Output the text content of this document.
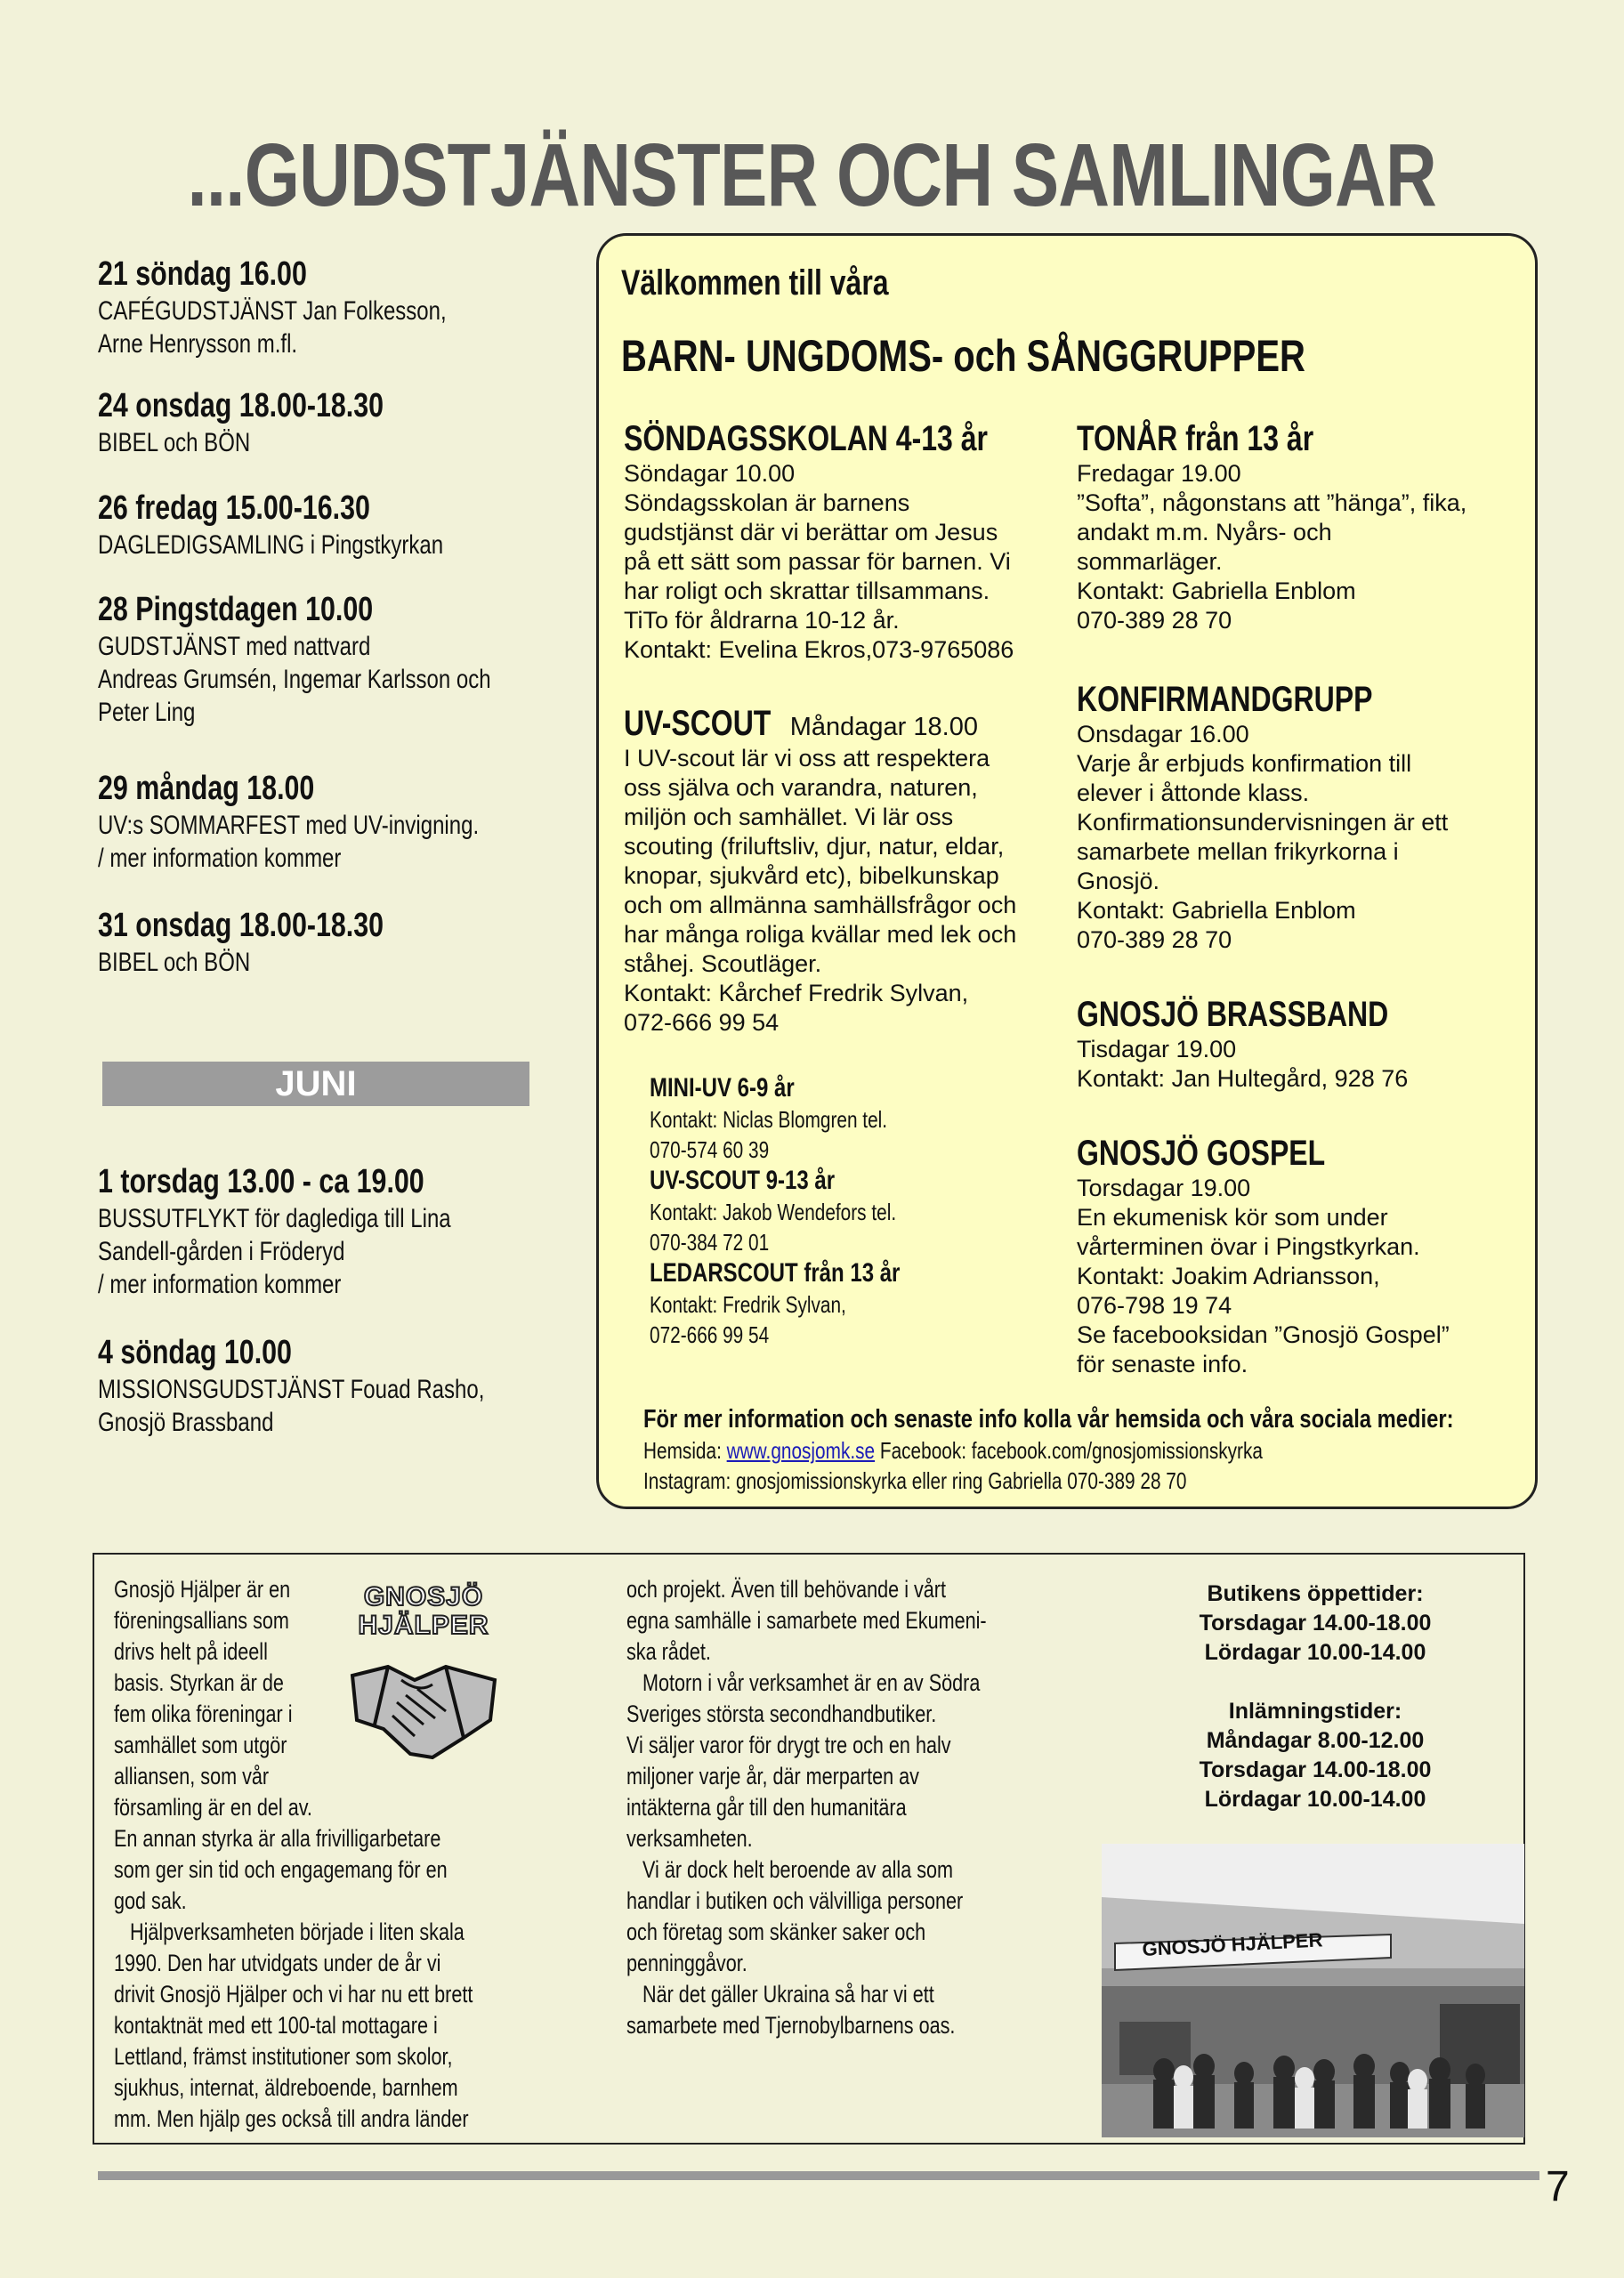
...GUDSTJÄNSTER OCH SAMLINGAR
21 söndag 16.00
CAFÉGUDSTJÄNST Jan Folkesson,
Arne Henrysson m.fl.
24 onsdag 18.00-18.30
BIBEL och BÖN
26 fredag 15.00-16.30
DAGLEDIGSAMLING i Pingstkyrkan
28 Pingstdagen 10.00
GUDSTJÄNST med nattvard
Andreas Grumsén, Ingemar Karlsson och
Peter Ling
29 måndag 18.00
UV:s SOMMARFEST med UV-invigning.
/ mer information kommer
31 onsdag 18.00-18.30
BIBEL och BÖN
1 torsdag 13.00 - ca 19.00
BUSSUTFLYKT för dagledigа till Lina
Sandell-gården i Fröderyd
/ mer information kommer
4 söndag 10.00
MISSIONSGUDSTJÄNST Fouad Rasho,
Gnosjö Brassband
JUNI
Välkommen till våra
BARN- UNGDOMS- och SÅNGGRUPPER
SÖNDAGSSKOLAN 4-13 år
Söndagar 10.00
Söndagsskolan är barnens
gudstjänst där vi berättar om Jesus
på ett sätt som passar för barnen. Vi
har roligt och skrattar tillsammans.
TiTo för åldrarna 10-12 år.
Kontakt: Evelina Ekros,073-9765086
UV-SCOUT Måndagar 18.00
I UV-scout lär vi oss att respektera
oss själva och varandra, naturen,
miljön och samhället. Vi lär oss
scouting (friluftsliv, djur, natur, eldar,
knopar, sjukvård etc), bibelkunskap
och om allmänna samhällsfrågor och
har många roliga kvällar med lek och
ståhej. Scoutläger.
Kontakt: Kårchef Fredrik Sylvan,
072-666 99 54
MINI-UV 6-9 år
Kontakt: Niclas Blomgren tel.
070-574 60 39
UV-SCOUT 9-13 år
Kontakt: Jakob Wendefors tel.
070-384 72 01
LEDARSCOUT från 13 år
Kontakt: Fredrik Sylvan,
072-666 99 54
TONÅR från 13 år
Fredagar 19.00
”Softa”, någonstans att ”hänga”, fika,
andakt m.m. Nyårs- och
sommarläger.
Kontakt: Gabriella Enblom
070-389 28 70
KONFIRMANDGRUPP
Onsdagar 16.00
Varje år erbjuds konfirmation till
elever i åttonde klass.
Konfirmationsundervisningen är ett
samarbete mellan frikyrkorna i
Gnosjö.
Kontakt: Gabriella Enblom
070-389 28 70
GNOSJÖ BRASSBAND
Tisdagar 19.00
Kontakt: Jan Hultegård, 928 76
GNOSJÖ GOSPEL
Torsdagar 19.00
En ekumenisk kör som under
vårterminen övar i Pingstkyrkan.
Kontakt: Joakim Adriansson,
076-798 19 74
Se facebooksidan ”Gnosjö Gospel”
för senaste info.
För mer information och senaste info kolla vår hemsida och våra sociala medier:
Hemsida: www.gnosjomk.se Facebook: facebook.com/gnosjomissionskyrka
Instagram: gnosjomissionskyrka eller ring Gabriella 070-389 28 70
GNOSJÖ
HJÄLPER
Gnosjö Hjälper är en
föreningsallians som
drivs helt på ideell
basis. Styrkan är de
fem olika föreningar i
samhället som utgör
alliansen, som vår
församling är en del av.
En annan styrka är alla frivilligarbetare
som ger sin tid och engagemang för en
god sak.
Hjälpverksamheten började i liten skala
1990. Den har utvidgats under de år vi
drivit Gnosjö Hjälper och vi har nu ett brett
kontaktnät med ett 100-tal mottagare i
Lettland, främst institutioner som skolor,
sjukhus, internat, äldreboende, barnhem
mm. Men hjälp ges också till andra länder
och projekt. Även till behövande i vårt
egna samhälle i samarbete med Ekumeni-
ska rådet.
Motorn i vår verksamhet är en av Södra
Sveriges största secondhandbutiker.
Vi säljer varor för drygt tre och en halv
miljoner varje år, där merparten av
intäkterna går till den humanitära
verksamheten.
Vi är dock helt beroende av alla som
handlar i butiken och välvilliga personer
och företag som skänker saker och
penninggåvor.
När det gäller Ukraina så har vi ett
samarbete med Tjernobylbarnens oas.
Butikens öppettider:
Torsdagar 14.00-18.00
Lördagar 10.00-14.00
Inlämningstider:
Måndagar 8.00-12.00
Torsdagar 14.00-18.00
Lördagar 10.00-14.00
GNOSJÖ HJÄLPER
7
